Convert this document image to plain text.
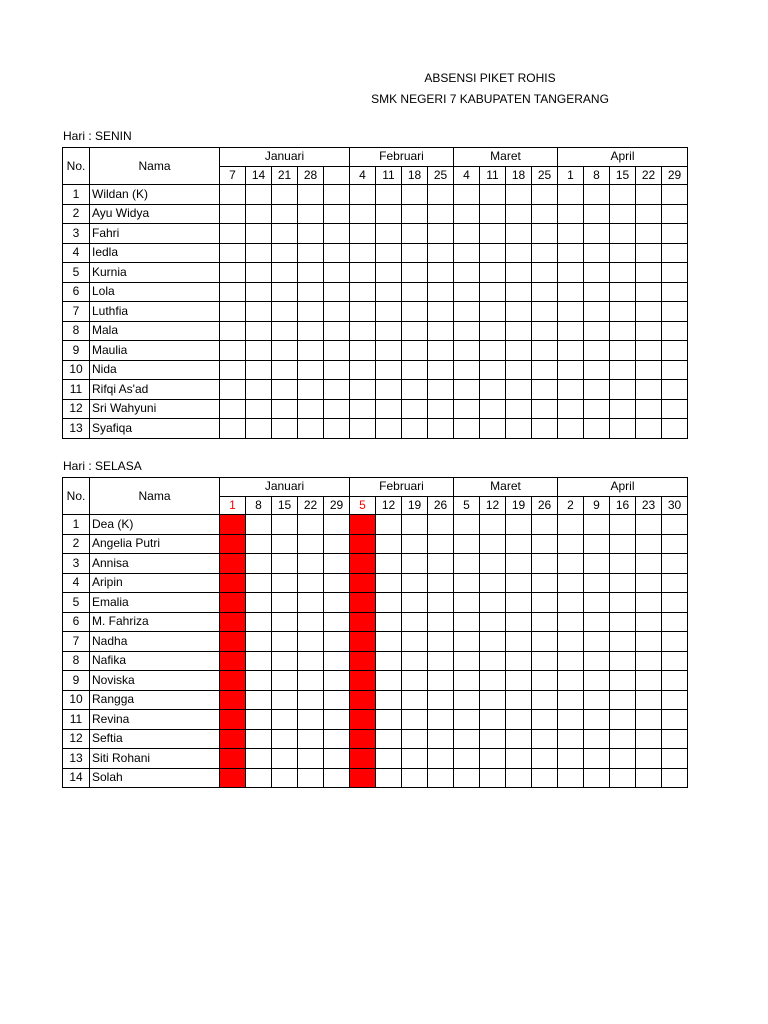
ABSENSI PIKET ROHIS
SMK NEGERI 7 KABUPATEN TANGERANG
Hari : SENIN
No.	Nama	Januari					Februari				Maret				April				
		7	14	21	28		4	11	18	25	4	11	18	25	1	8	15	22	29
1	Wildan (K)																		
2	Ayu Widya																		
3	Fahri																		
4	Iedla																		
5	Kurnia																		
6	Lola																		
7	Luthfia																		
8	Mala																		
9	Maulia																		
10	Nida																		
11	Rifqi As'ad																		
12	Sri Wahyuni																		
13	Syafiqa																		
Hari : SELASA
No.	Nama	Januari					Februari				Maret				April				
		1	8	15	22	29	5	12	19	26	5	12	19	26	2	9	16	23	30
1	Dea (K)																		
2	Angelia Putri																		
3	Annisa																		
4	Aripin																		
5	Emalia																		
6	M. Fahriza																		
7	Nadha																		
8	Nafika																		
9	Noviska																		
10	Rangga																		
11	Revina																		
12	Seftia																		
13	Siti Rohani																		
14	Solah																		
